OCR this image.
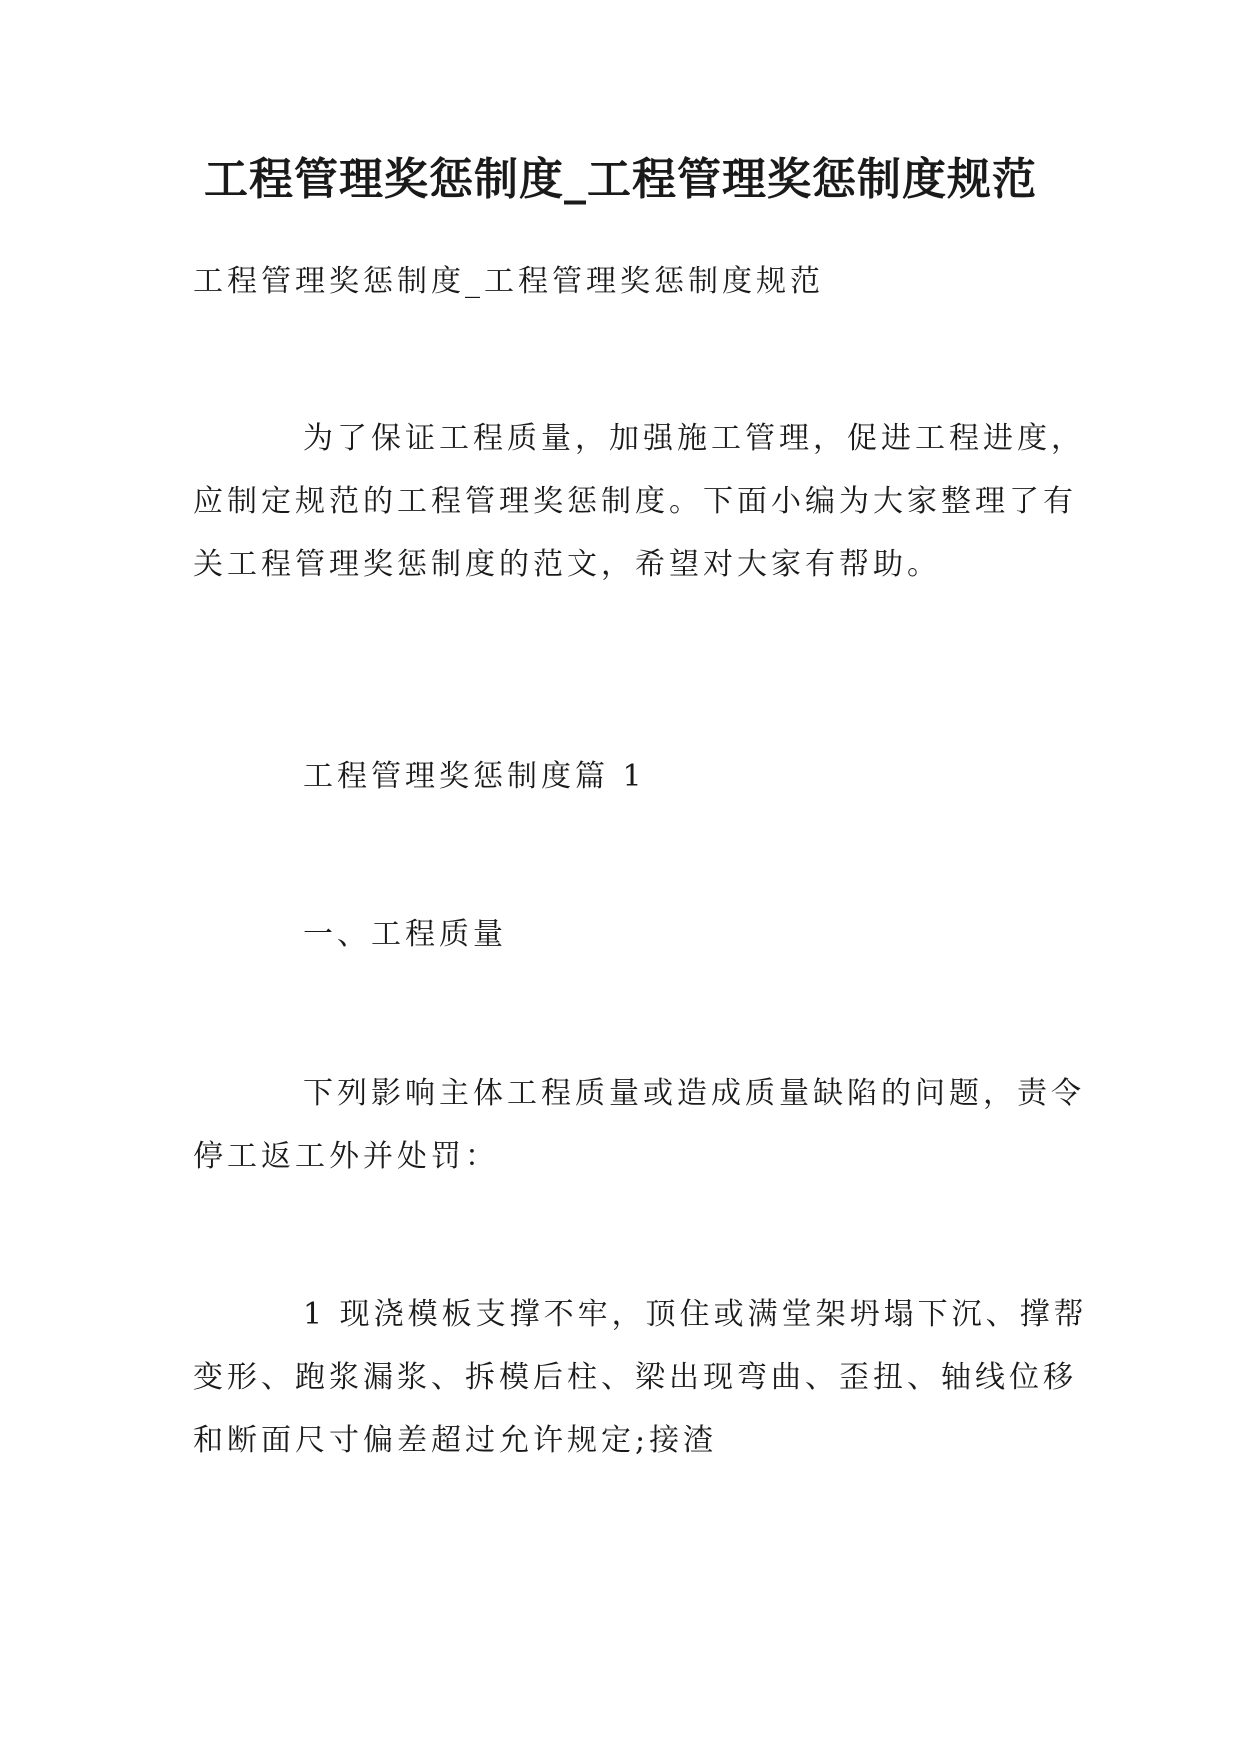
工程管理奖惩制度_工程管理奖惩制度规范
工程管理奖惩制度_工程管理奖惩制度规范
为了保证工程质量，加强施工管理，促进工程进度，
应制定规范的工程管理奖惩制度。下面小编为大家整理了有
关工程管理奖惩制度的范文，希望对大家有帮助。
工程管理奖惩制度篇 1
一、工程质量
下列影响主体工程质量或造成质量缺陷的问题，责令
停工返工外并处罚：
1 现浇模板支撑不牢，顶住或满堂架坍塌下沉、撑帮
变形、跑浆漏浆、拆模后柱、梁出现弯曲、歪扭、轴线位移
和断面尺寸偏差超过允许规定;接渣
